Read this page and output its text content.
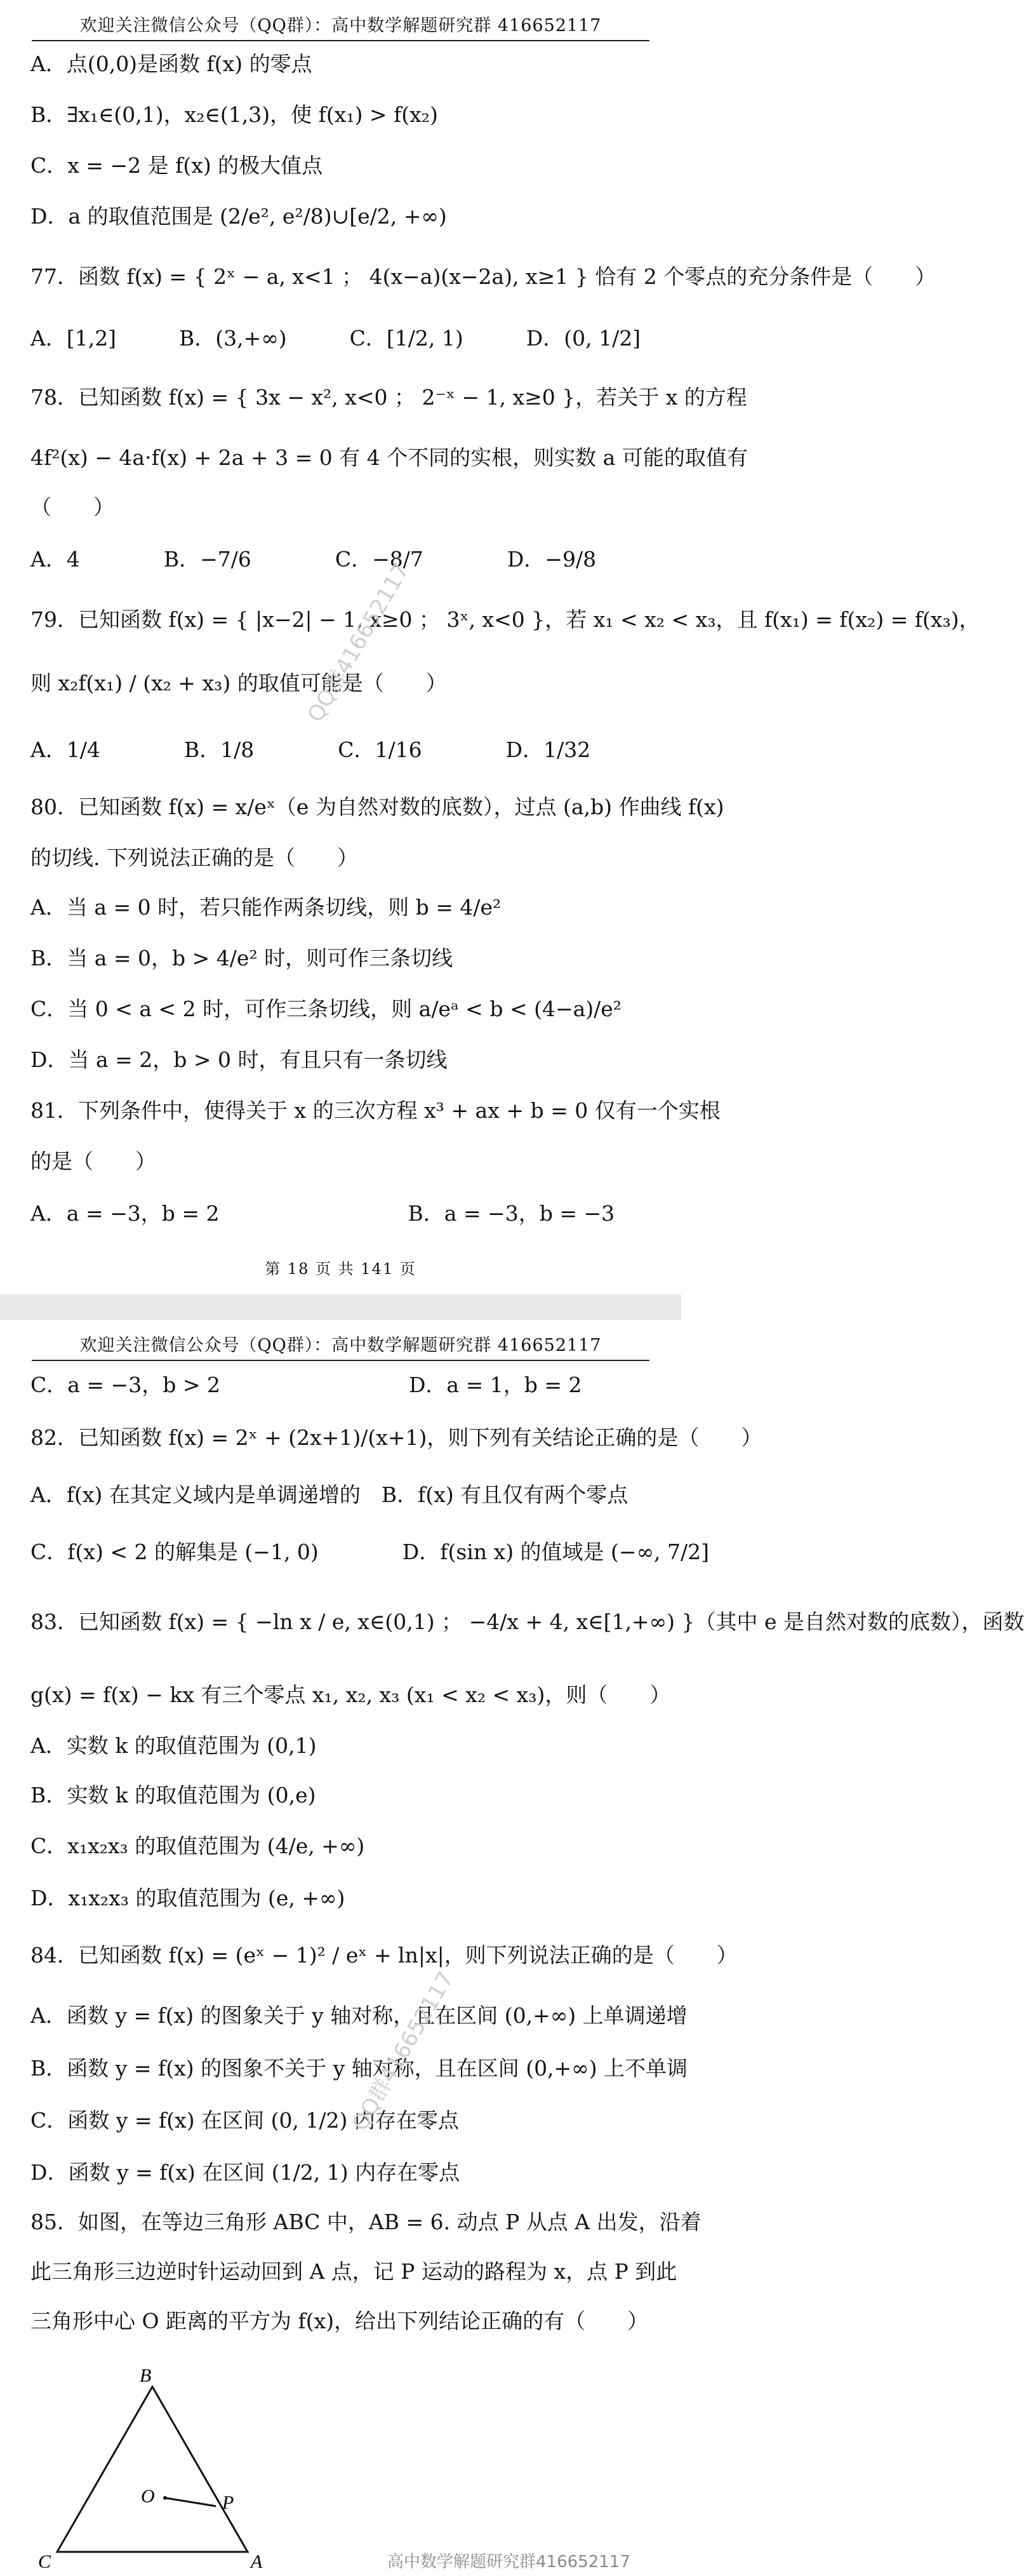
欢迎关注微信公众号（QQ群）：高中数学解题研究群 416652117
A．点(0,0)是函数 f(x) 的零点
B．∃x₁∈(0,1)，x₂∈(1,3)，使 f(x₁) > f(x₂)
C．x = −2 是 f(x) 的极大值点
D．a 的取值范围是 (2/e², e²/8)∪[e/2, +∞)
77．函数 f(x) = { 2ˣ − a, x<1 ； 4(x−a)(x−2a), x≥1 } 恰有 2 个零点的充分条件是（　　）
A．[1,2]　　　B．(3,+∞)　　　C．[1/2, 1)　　　D．(0, 1/2]
78．已知函数 f(x) = { 3x − x², x<0 ； 2⁻ˣ − 1, x≥0 }，若关于 x 的方程
4f²(x) − 4a·f(x) + 2a + 3 = 0 有 4 个不同的实根，则实数 a 可能的取值有
（　　）
A．4　　　　B．−7/6　　　　C．−8/7　　　　D．−9/8
79．已知函数 f(x) = { |x−2| − 1, x≥0 ； 3ˣ, x<0 }，若 x₁ < x₂ < x₃，且 f(x₁) = f(x₂) = f(x₃)，
则 x₂f(x₁) / (x₂ + x₃) 的取值可能是（　　）
A．1/4　　　　B．1/8　　　　C．1/16　　　　D．1/32
80．已知函数 f(x) = x/eˣ（e 为自然对数的底数），过点 (a,b) 作曲线 f(x)
的切线. 下列说法正确的是（　　）
A．当 a = 0 时，若只能作两条切线，则 b = 4/e²
B．当 a = 0，b > 4/e² 时，则可作三条切线
C．当 0 < a < 2 时，可作三条切线，则 a/eᵃ < b < (4−a)/e²
D．当 a = 2，b > 0 时，有且只有一条切线
81．下列条件中，使得关于 x 的三次方程 x³ + ax + b = 0 仅有一个实根
的是（　　）
A．a = −3，b = 2　　　　　　　　　B．a = −3，b = −3
第 18 页 共 141 页
QQ群416652117
欢迎关注微信公众号（QQ群）：高中数学解题研究群 416652117
C．a = −3，b > 2　　　　　　　　　D．a = 1，b = 2
82．已知函数 f(x) = 2ˣ + (2x+1)/(x+1)，则下列有关结论正确的是（　　）
A．f(x) 在其定义域内是单调递增的　B．f(x) 有且仅有两个零点
C．f(x) < 2 的解集是 (−1, 0)　　　　D．f(sin x) 的值域是 (−∞, 7/2]
83．已知函数 f(x) = { −ln x / e, x∈(0,1) ； −4/x + 4, x∈[1,+∞) }（其中 e 是自然对数的底数），函数
g(x) = f(x) − kx 有三个零点 x₁, x₂, x₃ (x₁ < x₂ < x₃)，则（　　）
A．实数 k 的取值范围为 (0,1)
B．实数 k 的取值范围为 (0,e)
C．x₁x₂x₃ 的取值范围为 (4/e, +∞)
D．x₁x₂x₃ 的取值范围为 (e, +∞)
84．已知函数 f(x) = (eˣ − 1)² / eˣ + ln|x|，则下列说法正确的是（　　）
A．函数 y = f(x) 的图象关于 y 轴对称，且在区间 (0,+∞) 上单调递增
B．函数 y = f(x) 的图象不关于 y 轴对称，且在区间 (0,+∞) 上不单调
C．函数 y = f(x) 在区间 (0, 1/2) 内存在零点
D．函数 y = f(x) 在区间 (1/2, 1) 内存在零点
85．如图，在等边三角形 ABC 中，AB = 6. 动点 P 从点 A 出发，沿着
此三角形三边逆时针运动回到 A 点，记 P 运动的路程为 x，点 P 到此
三角形中心 O 距离的平方为 f(x)，给出下列结论正确的有（　　）
B
O	P
C	A	高中数学解题研究群416652117
QQ群416652117
